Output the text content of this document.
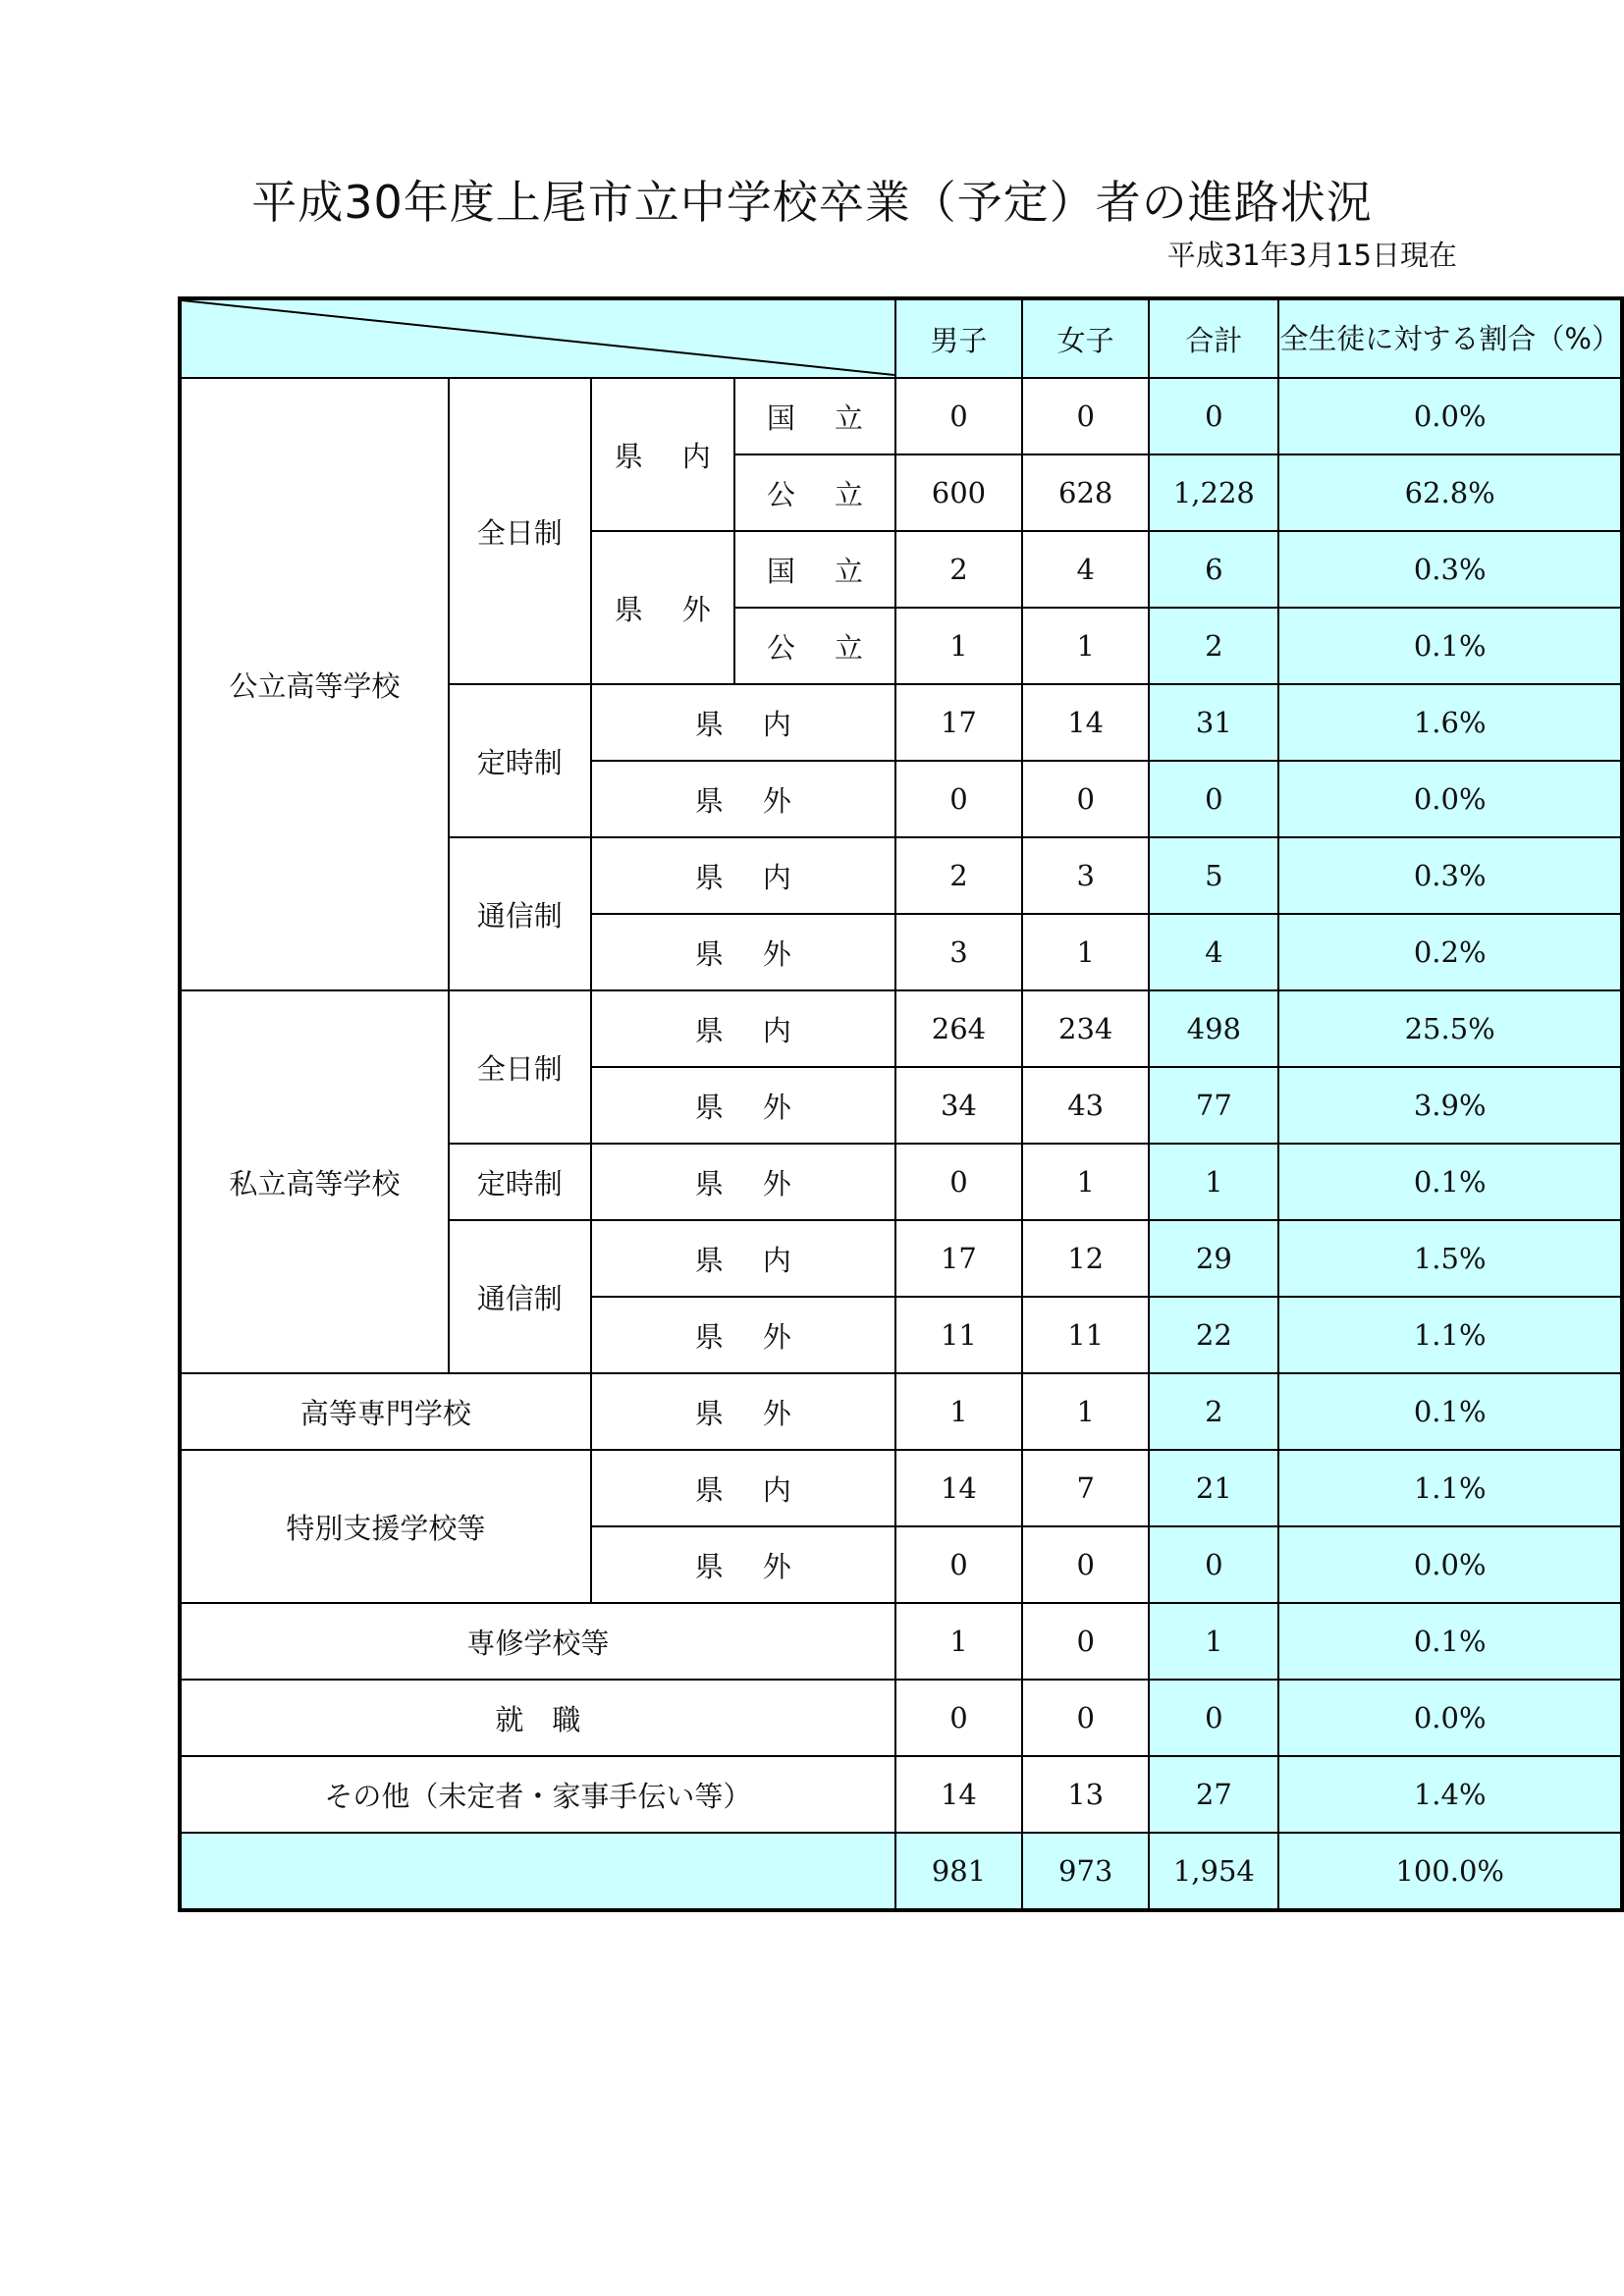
平成30年度上尾市立中学校卒業（予定）者の進路状況
平成31年3月15日現在
	男子	女子	合計	全生徒に対する割合（%）
公立高等学校	全日制	県内	国立	0	0	0	0.0%
			公立	600	628	1,228	62.8%
		県外	国立	2	4	6	0.3%
			公立	1	1	2	0.1%
	定時制	県内		17	14	31	1.6%
		県外		0	0	0	0.0%
	通信制	県内		2	3	5	0.3%
		県外		3	1	4	0.2%
私立高等学校	全日制	県内		264	234	498	25.5%
		県外		34	43	77	3.9%
	定時制	県外		0	1	1	0.1%
	通信制	県内		17	12	29	1.5%
		県外		11	11	22	1.1%
高等専門学校		県外		1	1	2	0.1%
特別支援学校等		県内		14	7	21	1.1%
		県外		0	0	0	0.0%
専修学校等				1	0	1	0.1%
就　職				0	0	0	0.0%
その他（未定者・家事手伝い等）				14	13	27	1.4%
				981	973	1,954	100.0%
